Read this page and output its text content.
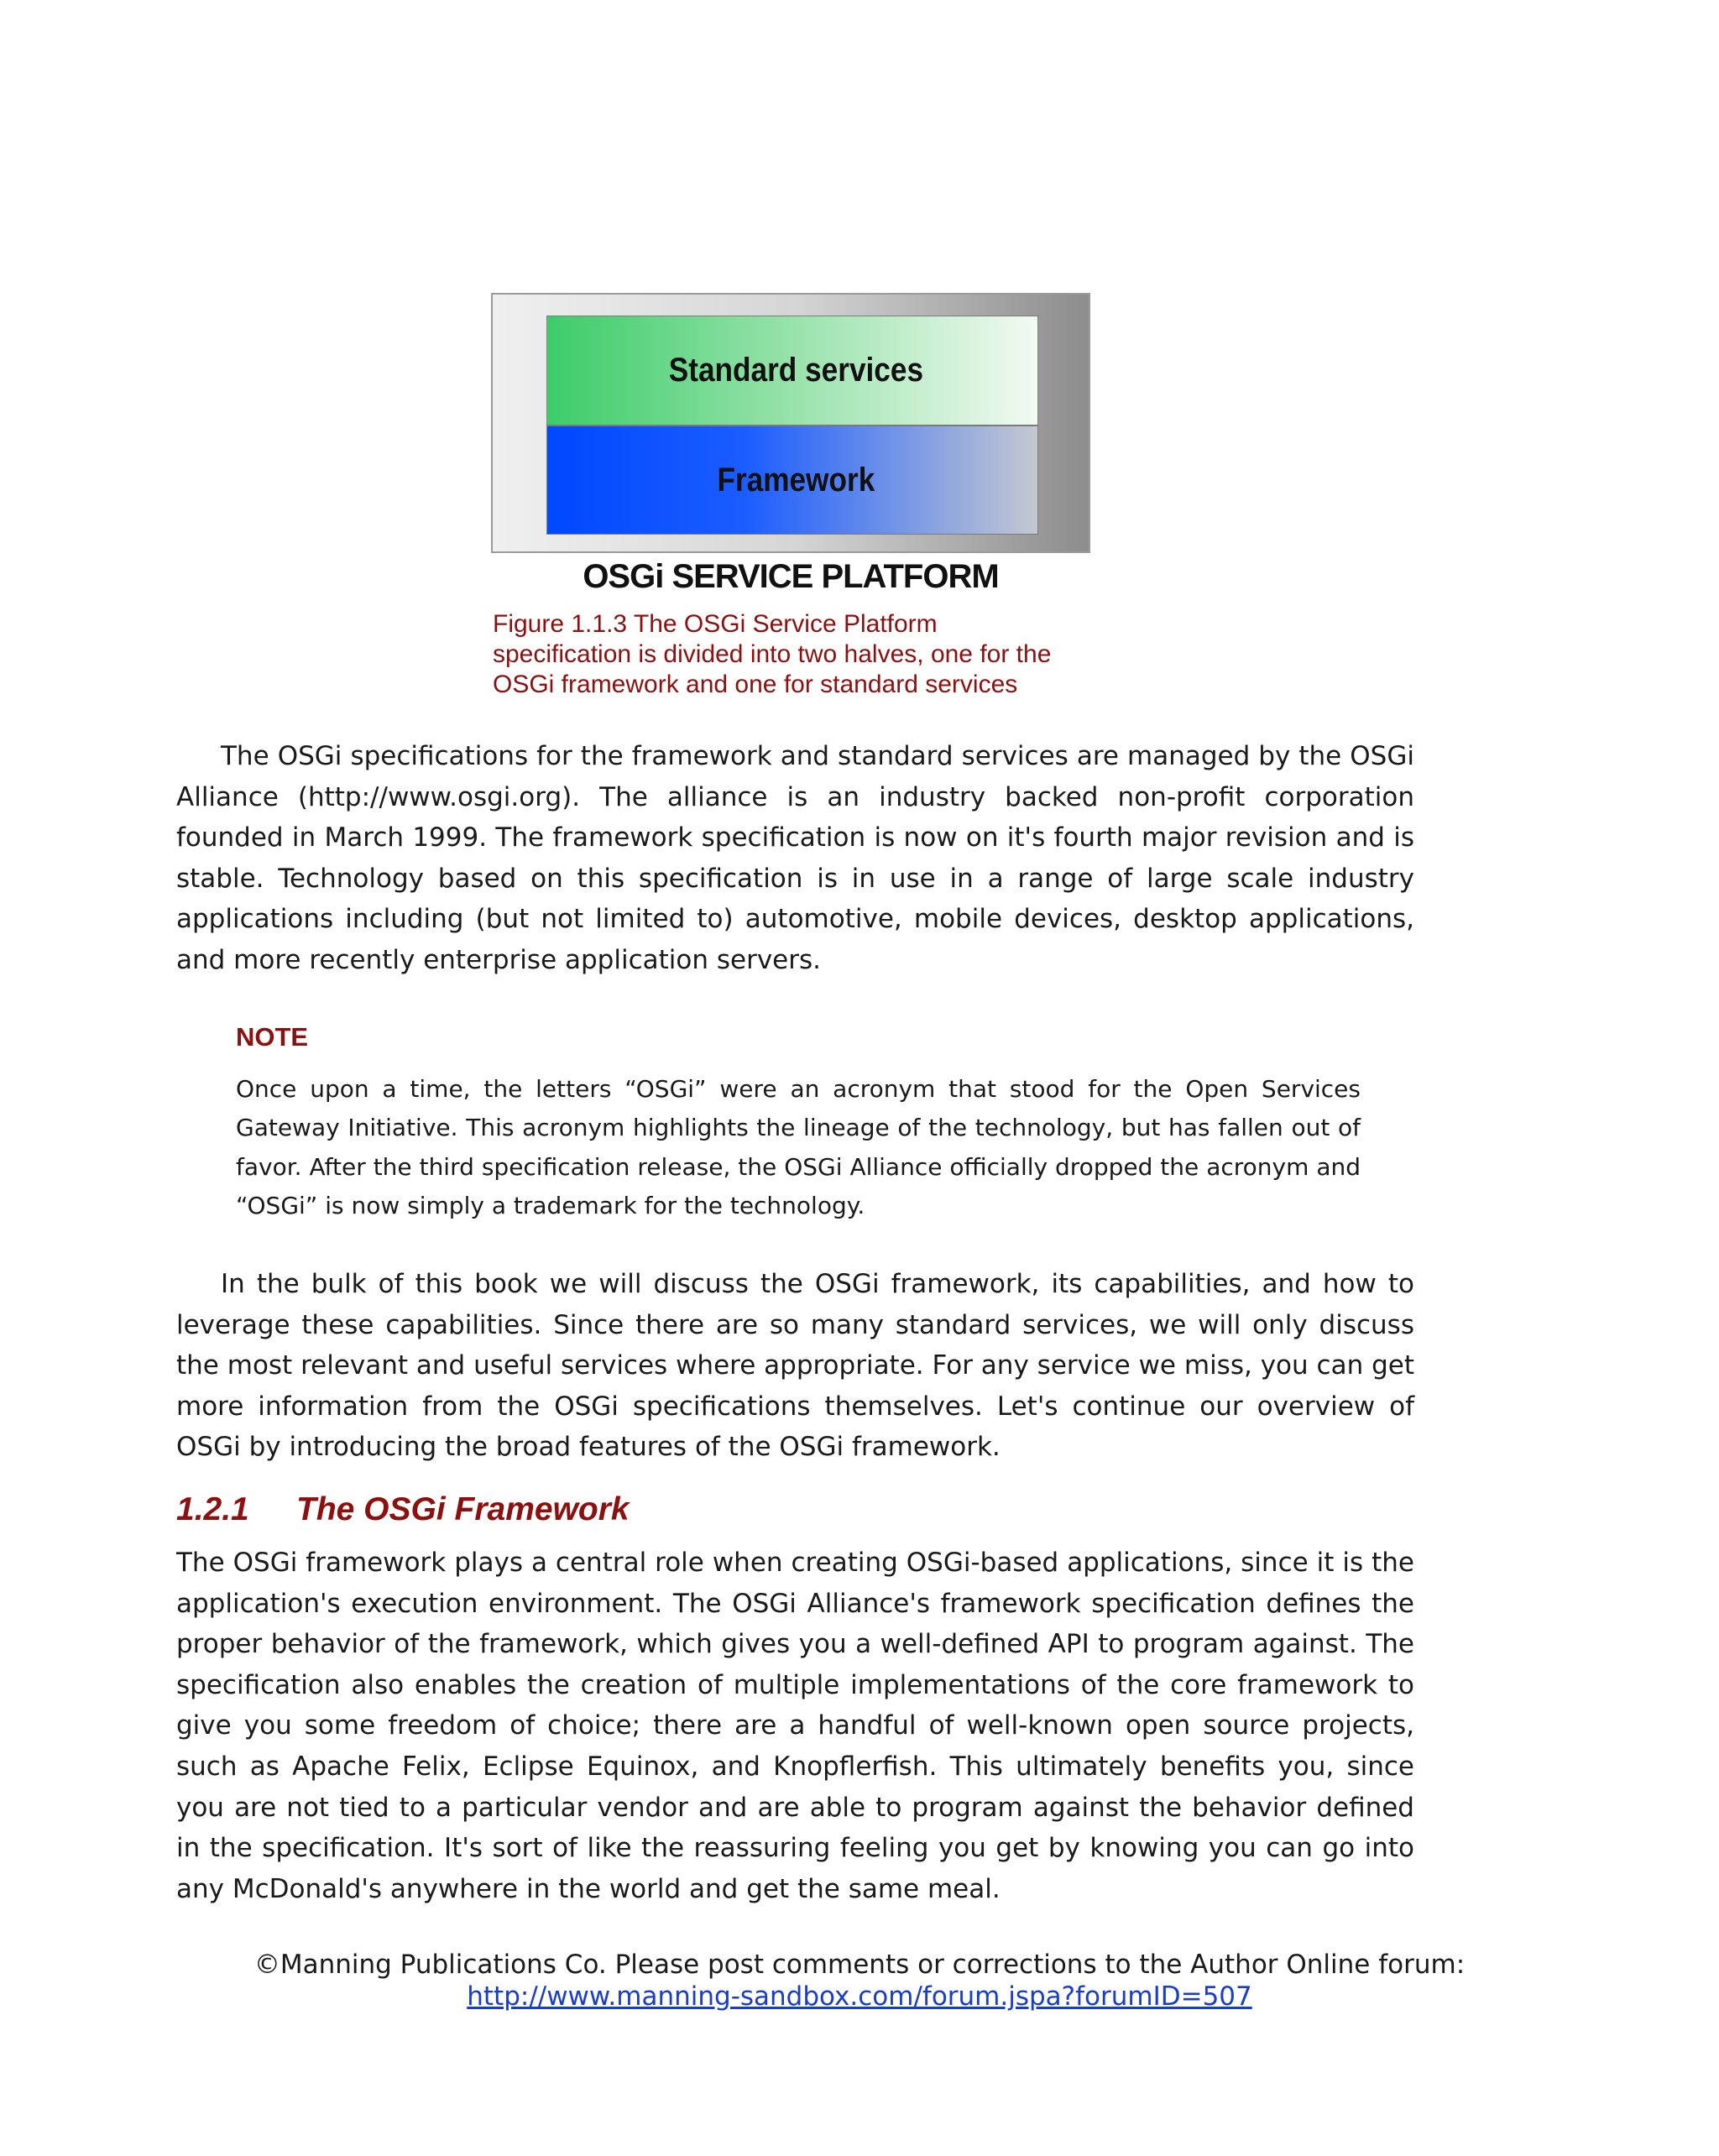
Standard services
Framework
OSGi SERVICE PLATFORM
Figure 1.1.3 The OSGi Service Platform
specification is divided into two halves, one for the
OSGi framework and one for standard services
The OSGi specifications for the framework and standard services are managed by the OSGi Alliance (http://www.osgi.org). The alliance is an industry backed non-profit corporation founded in March 1999. The framework specification is now on it's fourth major revision and is stable. Technology based on this specification is in use in a range of large scale industry applications including (but not limited to) automotive, mobile devices, desktop applications, and more recently enterprise application servers.
NOTE
Once upon a time, the letters “OSGi” were an acronym that stood for the Open Services Gateway Initiative. This acronym highlights the lineage of the technology, but has fallen out of favor. After the third specification release, the OSGi Alliance officially dropped the acronym and “OSGi” is now simply a trademark for the technology.
In the bulk of this book we will discuss the OSGi framework, its capabilities, and how to leverage these capabilities. Since there are so many standard services, we will only discuss the most relevant and useful services where appropriate. For any service we miss, you can get more information from the OSGi specifications themselves. Let's continue our overview of OSGi by introducing the broad features of the OSGi framework.
1.2.1 The OSGi Framework
The OSGi framework plays a central role when creating OSGi-based applications, since it is the application's execution environment. The OSGi Alliance's framework specification defines the proper behavior of the framework, which gives you a well-defined API to program against. The specification also enables the creation of multiple implementations of the core framework to give you some freedom of choice; there are a handful of well-known open source projects, such as Apache Felix, Eclipse Equinox, and Knopflerfish. This ultimately benefits you, since you are not tied to a particular vendor and are able to program against the behavior defined in the specification. It's sort of like the reassuring feeling you get by knowing you can go into any McDonald's anywhere in the world and get the same meal.
©Manning Publications Co. Please post comments or corrections to the Author Online forum:
http://www.manning-sandbox.com/forum.jspa?forumID=507
